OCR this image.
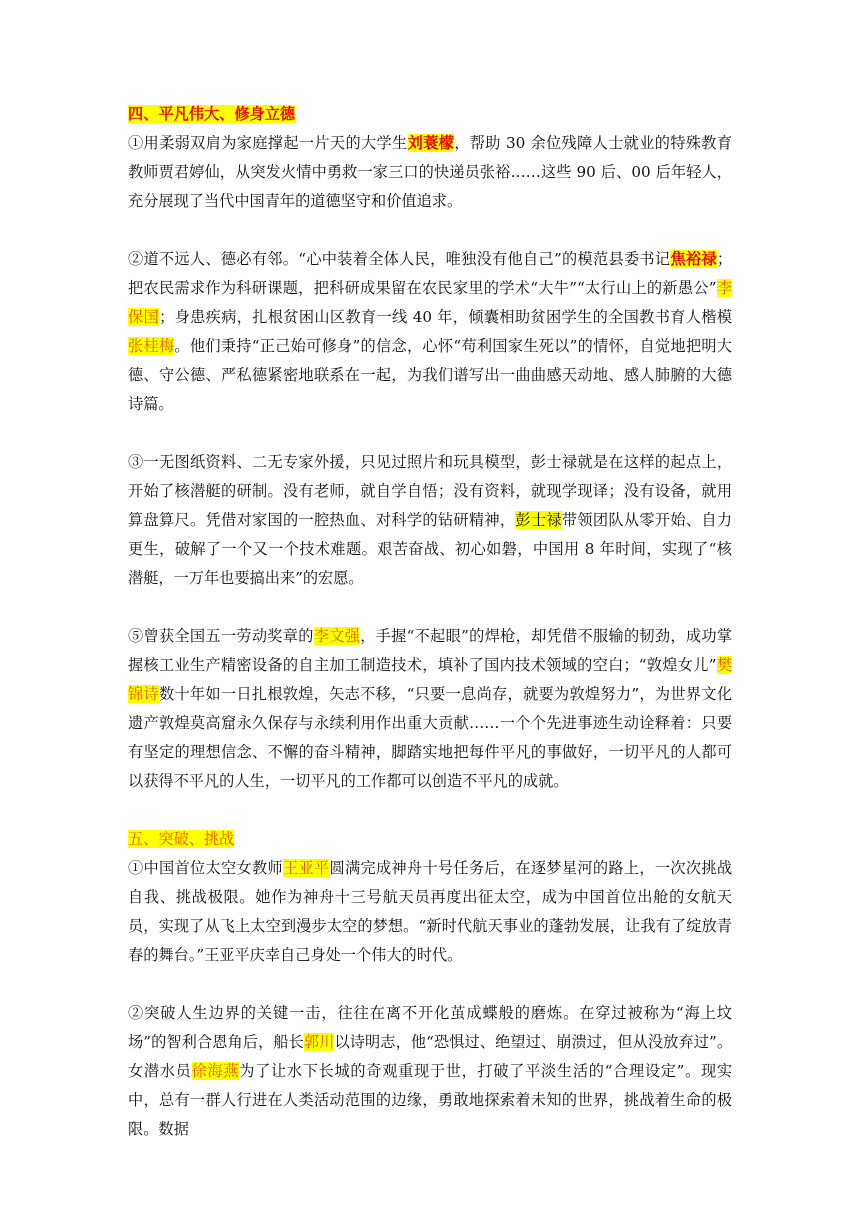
四、平凡伟大、修身立德

①用柔弱双肩为家庭撑起一片天的大学生刘蓑檬，帮助 30 余位残障人士就业的特殊教育教师贾君婷仙，从突发火情中勇救一家三口的快递员张裕……这些 90 后、00 后年轻人，充分展现了当代中国青年的道德坚守和价值追求。

②道不远人、德必有邻。“心中装着全体人民，唯独没有他自己”的模范县委书记焦裕禄；把农民需求作为科研课题，把科研成果留在农民家里的学术“大牛”“太行山上的新愚公”李保国；身患疾病，扎根贫困山区教育一线 40 年，倾囊相助贫困学生的全国教书育人楷模张桂梅。他们秉持“正己始可修身”的信念，心怀“苟利国家生死以”的情怀，自觉地把明大德、守公德、严私德紧密地联系在一起，为我们谱写出一曲曲感天动地、感人肺腑的大德诗篇。

③一无图纸资料、二无专家外援，只见过照片和玩具模型，彭士禄就是在这样的起点上，开始了核潜艇的研制。没有老师，就自学自悟；没有资料，就现学现译；没有设备，就用算盘算尺。凭借对家国的一腔热血、对科学的钻研精神，彭士禄带领团队从零开始、自力更生，破解了一个又一个技术难题。艰苦奋战、初心如磐，中国用 8 年时间，实现了“核潜艇，一万年也要搞出来”的宏愿。

⑤曾获全国五一劳动奖章的李文强，手握“不起眼”的焊枪，却凭借不服输的韧劲，成功掌握核工业生产精密设备的自主加工制造技术，填补了国内技术领域的空白；“敦煌女儿”樊锦诗数十年如一日扎根敦煌，矢志不移，“只要一息尚存，就要为敦煌努力”，为世界文化遗产敦煌莫高窟永久保存与永续利用作出重大贡献……一个个先进事迹生动诠释着：只要有坚定的理想信念、不懈的奋斗精神，脚踏实地把每件平凡的事做好，一切平凡的人都可以获得不平凡的人生，一切平凡的工作都可以创造不平凡的成就。

五、突破、挑战

①中国首位太空女教师王亚平圆满完成神舟十号任务后，在逐梦星河的路上，一次次挑战自我、挑战极限。她作为神舟十三号航天员再度出征太空，成为中国首位出舱的女航天员，实现了从飞上太空到漫步太空的梦想。“新时代航天事业的蓬勃发展，让我有了绽放青春的舞台。”王亚平庆幸自己身处一个伟大的时代。

②突破人生边界的关键一击，往往在离不开化茧成蝶般的磨炼。在穿过被称为“海上坟场”的智利合恩角后，船长郭川以诗明志，他“恐惧过、绝望过、崩溃过，但从没放弃过”。女潜水员徐海燕为了让水下长城的奇观重现于世，打破了平淡生活的“合理设定”。现实中，总有一群人行进在人类活动范围的边缘，勇敢地探索着未知的世界，挑战着生命的极限。数据
